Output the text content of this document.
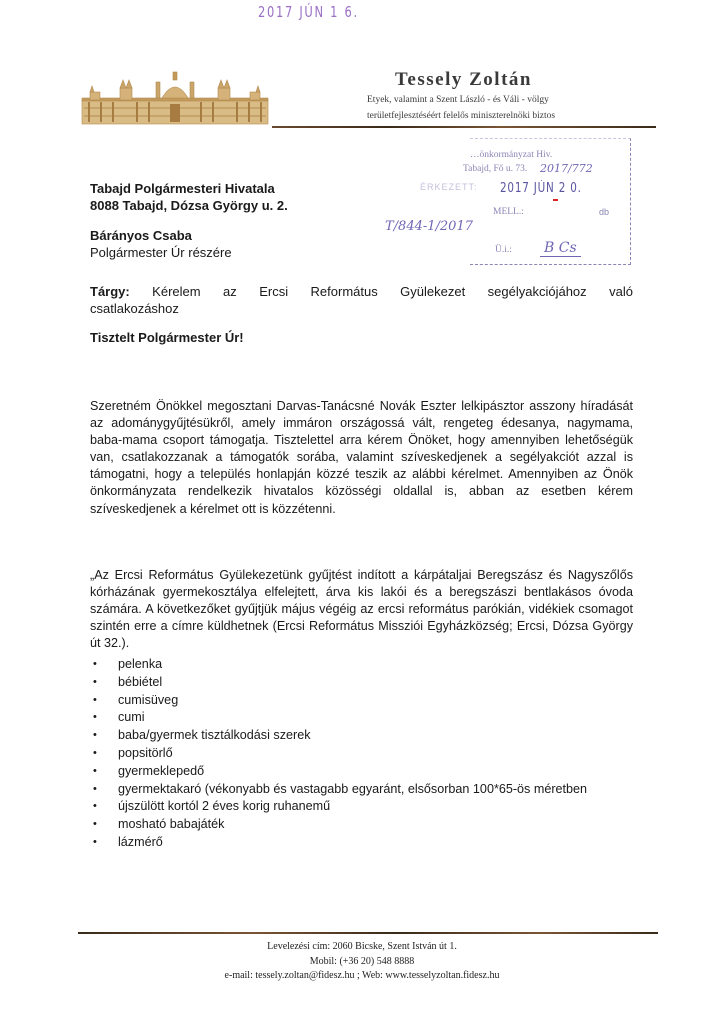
2017 JÚN 1 6.
Tessely Zoltán
Etyek, valamint a Szent László - és Váli - völgy
területfejlesztéséért felelős miniszterelnöki biztos
…önkormányzat Hiv.
Tabajd, Fő u. 73. 2017/772
ÉRKEZETT: 2017 JÚN 2 0.
MELL.:	db
T/844-1/2017
Ü.i.: B Cs
Tabajd Polgármesteri Hivatala
8088 Tabajd, Dózsa György u. 2.
Bárányos Csaba
Polgármester Úr részére
Tárgy: Kérelem az Ercsi Református Gyülekezet segélyakciójához való
csatlakozáshoz
Tisztelt Polgármester Úr!
Szeretném Önökkel megosztani Darvas-Tanácsné Novák Eszter lelkipásztor asszony híradását az adománygyűjtésükről, amely immáron országossá vált, rengeteg édesanya, nagymama, baba-mama csoport támogatja. Tisztelettel arra kérem Önöket, hogy amennyiben lehetőségük van, csatlakozzanak a támogatók sorába, valamint szíveskedjenek a segélyakciót azzal is támogatni, hogy a település honlapján közzé teszik az alábbi kérelmet. Amennyiben az Önök önkormányzata rendelkezik hivatalos közösségi oldallal is, abban az esetben kérem szíveskedjenek a kérelmet ott is közzétenni.
„Az Ercsi Református Gyülekezetünk gyűjtést indított a kárpátaljai Beregszász és Nagyszőlős kórházának gyermekosztálya elfelejtett, árva kis lakói és a beregszászi bentlakásos óvoda számára. A következőket gyűjtjük május végéig az ercsi református parókián, vidékiek csomagot szintén erre a címre küldhetnek (Ercsi Református Missziói Egyházközség; Ercsi, Dózsa György út 32.).
• pelenka
• bébiétel
• cumisüveg
• cumi
• baba/gyermek tisztálkodási szerek
• popsitörlő
• gyermeklepedő
• gyermektakaró (vékonyabb és vastagabb egyaránt, elsősorban 100*65-ös méretben
• újszülött kortól 2 éves korig ruhanemű
• mosható babajáték
• lázmérő
Levelezési cím: 2060 Bicske, Szent István út 1.
Mobil: (+36 20) 548 8888
e-mail: tessely.zoltan@fidesz.hu ; Web: www.tesselyzoltan.fidesz.hu
